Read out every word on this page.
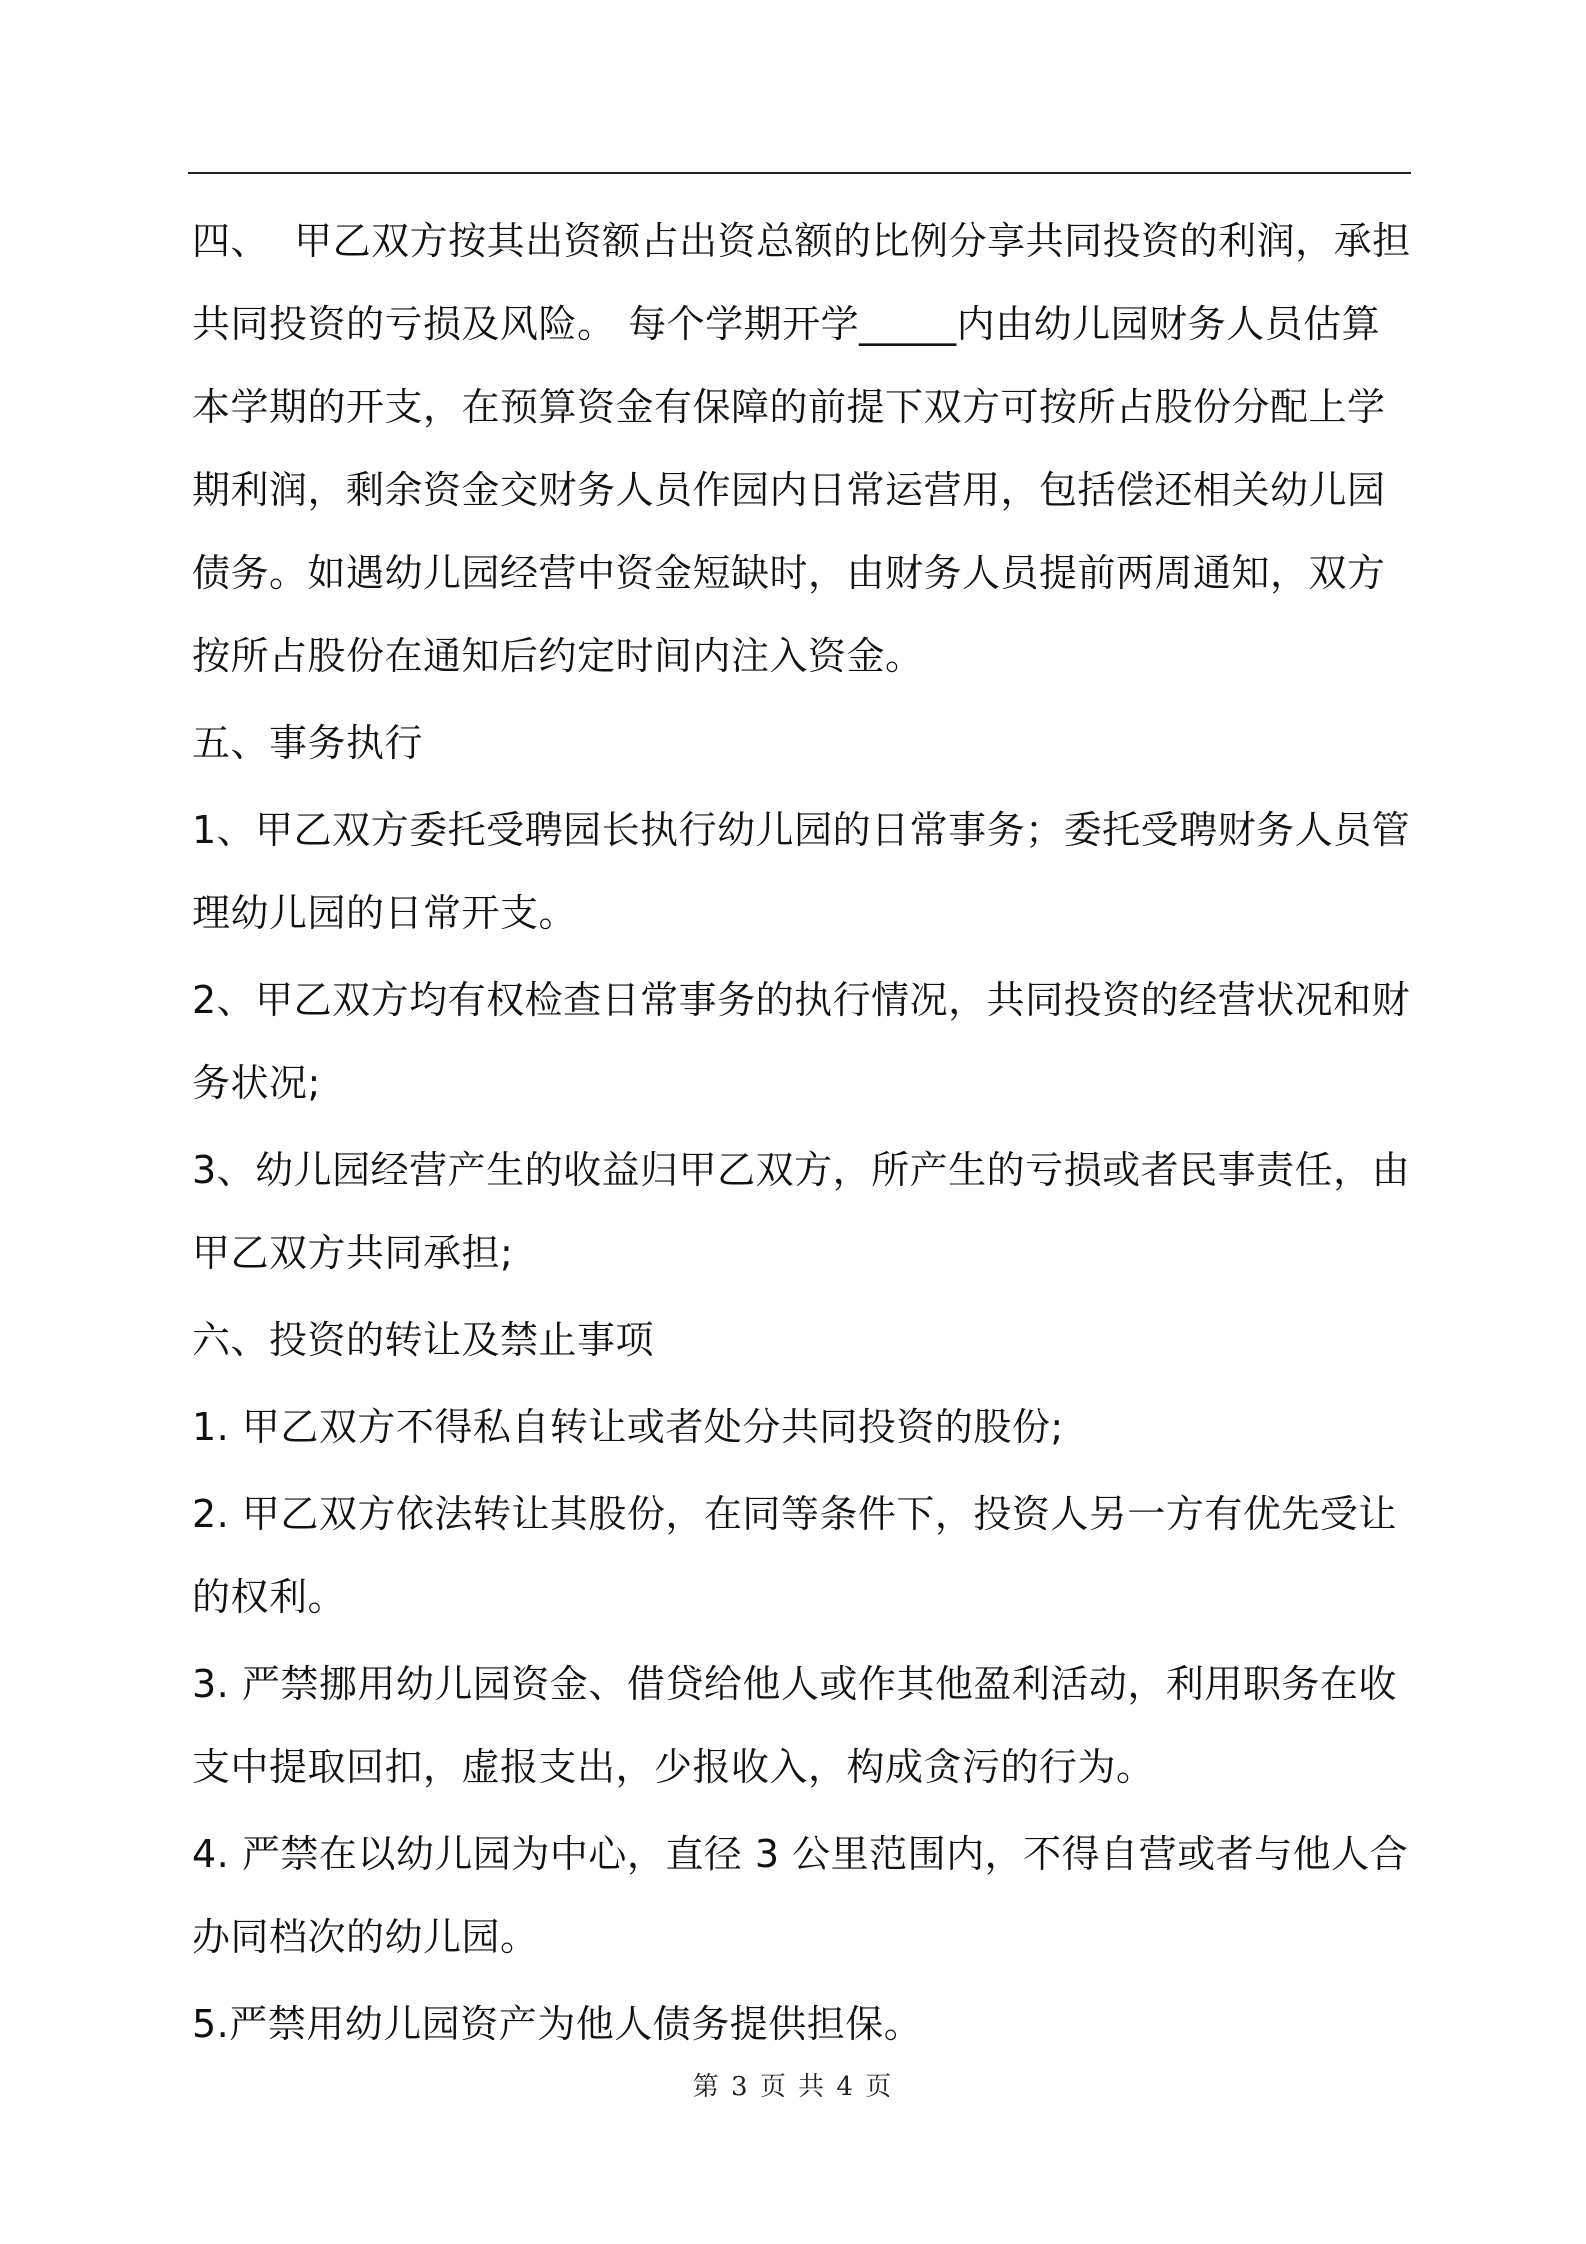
四、  甲乙双方按其出资额占出资总额的比例分享共同投资的利润，承担共同投资的亏损及风险。 每个学期开学_____内由幼儿园财务人员估算本学期的开支，在预算资金有保障的前提下双方可按所占股份分配上学期利润，剩余资金交财务人员作园内日常运营用，包括偿还相关幼儿园债务。如遇幼儿园经营中资金短缺时，由财务人员提前两周通知，双方按所占股份在通知后约定时间内注入资金。

五、事务执行

1、甲乙双方委托受聘园长执行幼儿园的日常事务；委托受聘财务人员管理幼儿园的日常开支。

2、甲乙双方均有权检查日常事务的执行情况，共同投资的经营状况和财务状况;

3、幼儿园经营产生的收益归甲乙双方，所产生的亏损或者民事责任，由甲乙双方共同承担;

六、投资的转让及禁止事项

1. 甲乙双方不得私自转让或者处分共同投资的股份;

2. 甲乙双方依法转让其股份，在同等条件下，投资人另一方有优先受让的权利。

3. 严禁挪用幼儿园资金、借贷给他人或作其他盈利活动，利用职务在收支中提取回扣，虚报支出，少报收入，构成贪污的行为。

4. 严禁在以幼儿园为中心，直径 3 公里范围内，不得自营或者与他人合办同档次的幼儿园。

5.严禁用幼儿园资产为他人债务提供担保。

第 3 页 共 4 页
